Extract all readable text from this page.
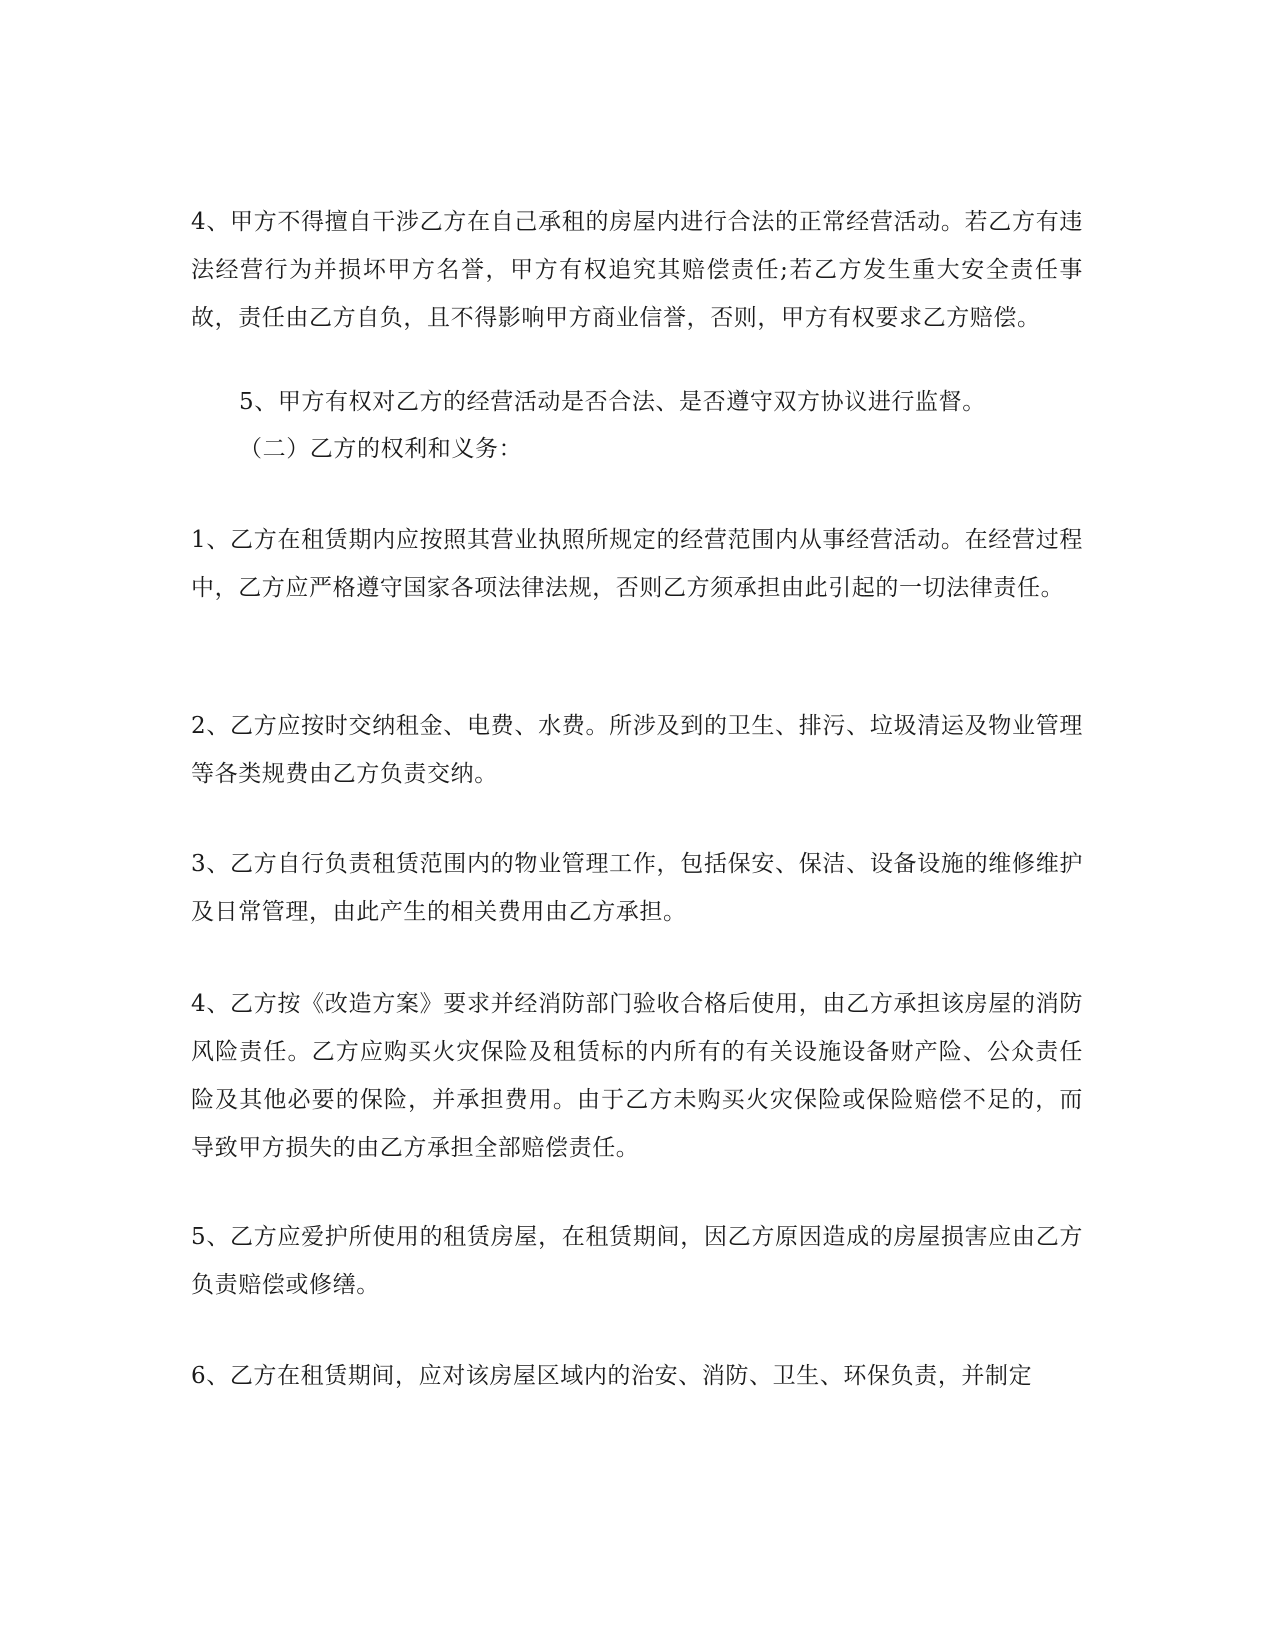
4、甲方不得擅自干涉乙方在自己承租的房屋内进行合法的正常经营活动。若乙方有违法经营行为并损坏甲方名誉，甲方有权追究其赔偿责任;若乙方发生重大安全责任事故，责任由乙方自负，且不得影响甲方商业信誉，否则，甲方有权要求乙方赔偿。

5、甲方有权对乙方的经营活动是否合法、是否遵守双方协议进行监督。

（二）乙方的权利和义务：

1、乙方在租赁期内应按照其营业执照所规定的经营范围内从事经营活动。在经营过程中，乙方应严格遵守国家各项法律法规，否则乙方须承担由此引起的一切法律责任。

2、乙方应按时交纳租金、电费、水费。所涉及到的卫生、排污、垃圾清运及物业管理等各类规费由乙方负责交纳。

3、乙方自行负责租赁范围内的物业管理工作，包括保安、保洁、设备设施的维修维护及日常管理，由此产生的相关费用由乙方承担。

4、乙方按《改造方案》要求并经消防部门验收合格后使用，由乙方承担该房屋的消防风险责任。乙方应购买火灾保险及租赁标的内所有的有关设施设备财产险、公众责任险及其他必要的保险，并承担费用。由于乙方未购买火灾保险或保险赔偿不足的，而导致甲方损失的由乙方承担全部赔偿责任。

5、乙方应爱护所使用的租赁房屋，在租赁期间，因乙方原因造成的房屋损害应由乙方负责赔偿或修缮。

6、乙方在租赁期间，应对该房屋区域内的治安、消防、卫生、环保负责，并制定
